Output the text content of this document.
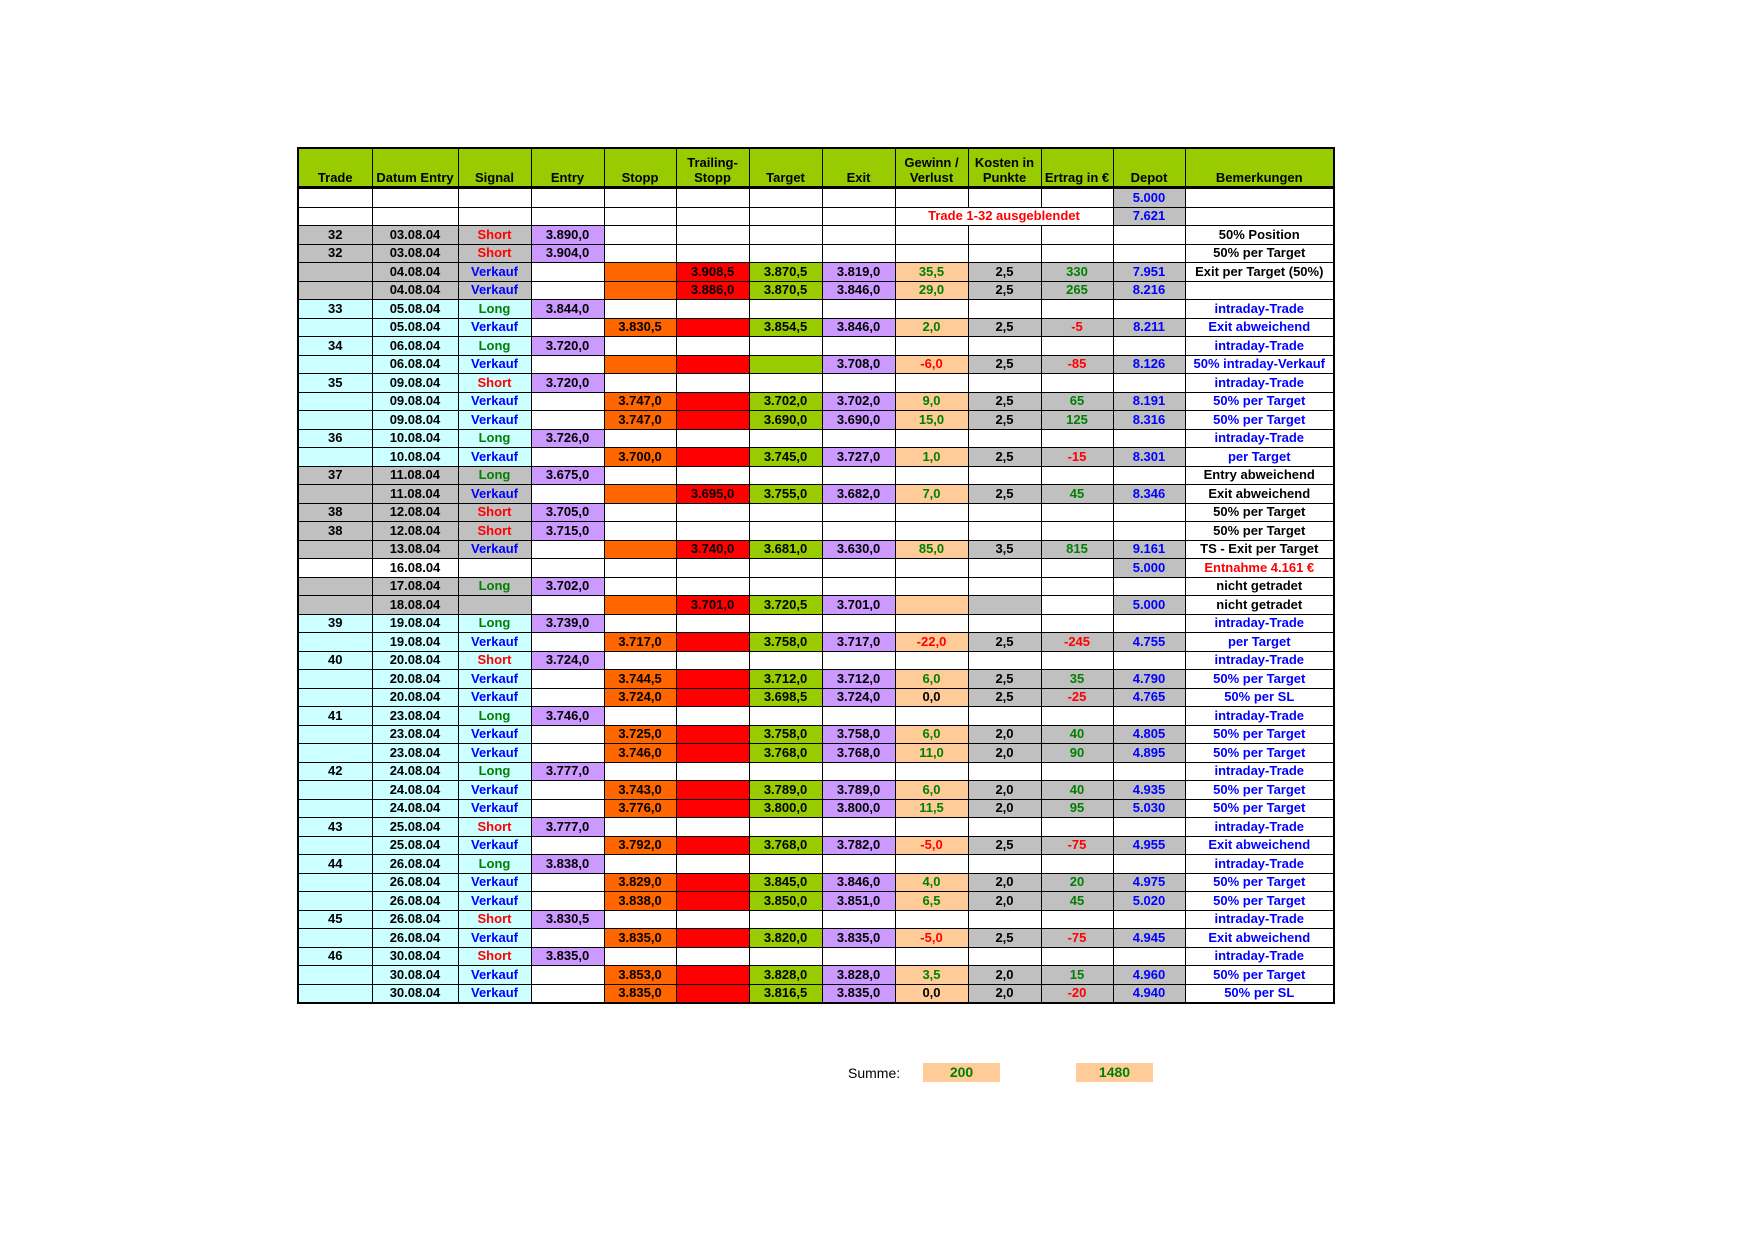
Trade	Datum Entry	Signal	Entry	Stopp	Trailing-Stopp	Target	Exit	Gewinn / Verlust	Kosten in Punkte	Ertrag in €	Depot	Bemerkungen
											5.000	
								Trade 1-32 ausgeblendet			7.621	
32	03.08.04	Short	3.890,0									50% Position
32	03.08.04	Short	3.904,0									50% per Target
	04.08.04	Verkauf			3.908,5	3.870,5	3.819,0	35,5	2,5	330	7.951	Exit per Target (50%)
	04.08.04	Verkauf			3.886,0	3.870,5	3.846,0	29,0	2,5	265	8.216	
33	05.08.04	Long	3.844,0									intraday-Trade
	05.08.04	Verkauf		3.830,5		3.854,5	3.846,0	2,0	2,5	-5	8.211	Exit abweichend
34	06.08.04	Long	3.720,0									intraday-Trade
	06.08.04	Verkauf					3.708,0	-6,0	2,5	-85	8.126	50% intraday-Verkauf
35	09.08.04	Short	3.720,0									intraday-Trade
	09.08.04	Verkauf		3.747,0		3.702,0	3.702,0	9,0	2,5	65	8.191	50% per Target
	09.08.04	Verkauf		3.747,0		3.690,0	3.690,0	15,0	2,5	125	8.316	50% per Target
36	10.08.04	Long	3.726,0									intraday-Trade
	10.08.04	Verkauf		3.700,0		3.745,0	3.727,0	1,0	2,5	-15	8.301	per Target
37	11.08.04	Long	3.675,0									Entry abweichend
	11.08.04	Verkauf			3.695,0	3.755,0	3.682,0	7,0	2,5	45	8.346	Exit abweichend
38	12.08.04	Short	3.705,0									50% per Target
38	12.08.04	Short	3.715,0									50% per Target
	13.08.04	Verkauf			3.740,0	3.681,0	3.630,0	85,0	3,5	815	9.161	TS - Exit per Target
	16.08.04										5.000	Entnahme 4.161 €
	17.08.04	Long	3.702,0									nicht getradet
	18.08.04				3.701,0	3.720,5	3.701,0				5.000	nicht getradet
39	19.08.04	Long	3.739,0									intraday-Trade
	19.08.04	Verkauf		3.717,0		3.758,0	3.717,0	-22,0	2,5	-245	4.755	per Target
40	20.08.04	Short	3.724,0									intraday-Trade
	20.08.04	Verkauf		3.744,5		3.712,0	3.712,0	6,0	2,5	35	4.790	50% per Target
	20.08.04	Verkauf		3.724,0		3.698,5	3.724,0	0,0	2,5	-25	4.765	50% per SL
41	23.08.04	Long	3.746,0									intraday-Trade
	23.08.04	Verkauf		3.725,0		3.758,0	3.758,0	6,0	2,0	40	4.805	50% per Target
	23.08.04	Verkauf		3.746,0		3.768,0	3.768,0	11,0	2,0	90	4.895	50% per Target
42	24.08.04	Long	3.777,0									intraday-Trade
	24.08.04	Verkauf		3.743,0		3.789,0	3.789,0	6,0	2,0	40	4.935	50% per Target
	24.08.04	Verkauf		3.776,0		3.800,0	3.800,0	11,5	2,0	95	5.030	50% per Target
43	25.08.04	Short	3.777,0									intraday-Trade
	25.08.04	Verkauf		3.792,0		3.768,0	3.782,0	-5,0	2,5	-75	4.955	Exit abweichend
44	26.08.04	Long	3.838,0									intraday-Trade
	26.08.04	Verkauf		3.829,0		3.845,0	3.846,0	4,0	2,0	20	4.975	50% per Target
	26.08.04	Verkauf		3.838,0		3.850,0	3.851,0	6,5	2,0	45	5.020	50% per Target
45	26.08.04	Short	3.830,5									intraday-Trade
	26.08.04	Verkauf		3.835,0		3.820,0	3.835,0	-5,0	2,5	-75	4.945	Exit abweichend
46	30.08.04	Short	3.835,0									intraday-Trade
	30.08.04	Verkauf		3.853,0		3.828,0	3.828,0	3,5	2,0	15	4.960	50% per Target
	30.08.04	Verkauf		3.835,0		3.816,5	3.835,0	0,0	2,0	-20	4.940	50% per SL
Summe:	200	1480
